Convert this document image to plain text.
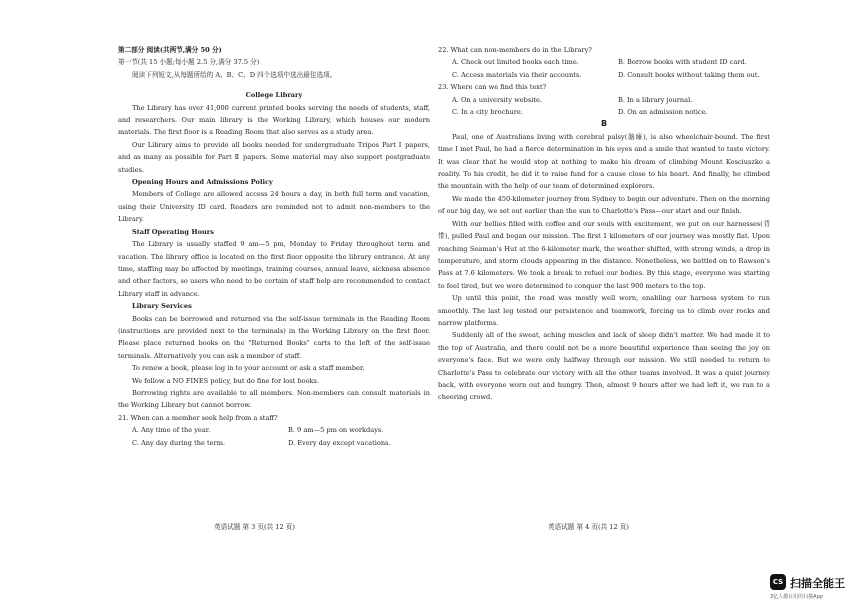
第二部分 阅读(共两节,满分 50 分)
第一节(共 15 小题;每小题 2.5 分,满分 37.5 分)
阅读下列短文,从每题所给的 A、B、C、D 四个选项中选出最佳选项。
College Library

The Library has over 41,000 current printed books serving the needs of students, staff, and researchers. Our main library is the Working Library, which houses our modern materials. The first floor is a Reading Room that also serves as a study area.

Our Library aims to provide all books needed for undergraduate Tripos Part Ⅰ papers, and as many as possible for Part Ⅱ papers. Some material may also support postgraduate studies.

Opening Hours and Admissions Policy

Members of College are allowed access 24 hours a day, in both full term and vacation, using their University ID card. Readers are reminded not to admit non-members to the Library.

Staff Operating Hours

The Library is usually staffed 9 am—5 pm, Monday to Friday throughout term and vacation. The library office is located on the first floor opposite the library entrance. At any time, staffing may be affected by meetings, training courses, annual leave, sickness absence and other factors, so users who need to be certain of staff help are recommended to contact Library staff in advance.

Library Services

Books can be borrowed and returned via the self-issue terminals in the Reading Room (instructions are provided next to the terminals) in the Working Library on the first floor. Please place returned books on the "Returned Books" carts to the left of the self-issue terminals. Alternatively you can ask a member of staff.

To renew a book, please log in to your account or ask a staff member.

We follow a NO FINES policy, but do fine for lost books.

Borrowing rights are available to all members. Non-members can consult materials in the Working Library but cannot borrow.

21. When can a member seek help from a staff?
A. Any time of the year.	B. 9 am—5 pm on workdays.
C. Any day during the term.	D. Every day except vacations.
22. What can non-members do in the Library?
A. Check out limited books each time.	B. Borrow books with student ID card.
C. Access materials via their accounts.	D. Consult books without taking them out.
23. Where can we find this text?
A. On a university website.	B. In a library journal.
C. In a city brochure.	D. On an admission notice.
B

Paul, one of Australians living with cerebral palsy(脑瘫), is also wheelchair-bound. The first time I met Paul, he had a fierce determination in his eyes and a smile that wanted to taste victory. It was clear that he would stop at nothing to make his dream of climbing Mount Kosciuszko a reality. To his credit, he did it to raise fund for a cause close to his heart. And finally, he climbed the mountain with the help of our team of determined explorers.

We made the 450-kilometer journey from Sydney to begin our adventure. Then on the morning of our big day, we set out earlier than the sun to Charlotte's Pass—our start and our finish.

With our bellies filled with coffee and our souls with excitement, we put on our harnesses(背带), pulled Paul and began our mission. The first 1 kilometers of our journey was mostly flat. Upon reaching Seaman's Hut at the 6-kilometer mark, the weather shifted, with strong winds, a drop in temperature, and storm clouds appearing in the distance. Nonetheless, we battled on to Rawson's Pass at 7.6 kilometers. We took a break to refuel our bodies. By this stage, everyone was starting to feel tired, but we were determined to conquer the last 900 meters to the top.

Up until this point, the road was mostly well worn, enabling our harness system to run smoothly. The last leg tested our persistence and teamwork, forcing us to climb over rocks and narrow platforms.

Suddenly all of the sweat, aching muscles and lack of sleep didn't matter. We had made it to the top of Australia, and there could not be a more beautiful experience than seeing the joy on everyone's face. But we were only halfway through our mission. We still needed to return to Charlotte's Pass to celebrate our victory with all the other teams involved. It was a quiet journey back, with everyone worn out and hungry. Then, almost 9 hours after we had left it, we ran to a cheering crowd.

英语试题 第 3 页(共 12 页)	英语试题 第 4 页(共 12 页)
CS 扫描全能王
3亿人都在用的扫描App
